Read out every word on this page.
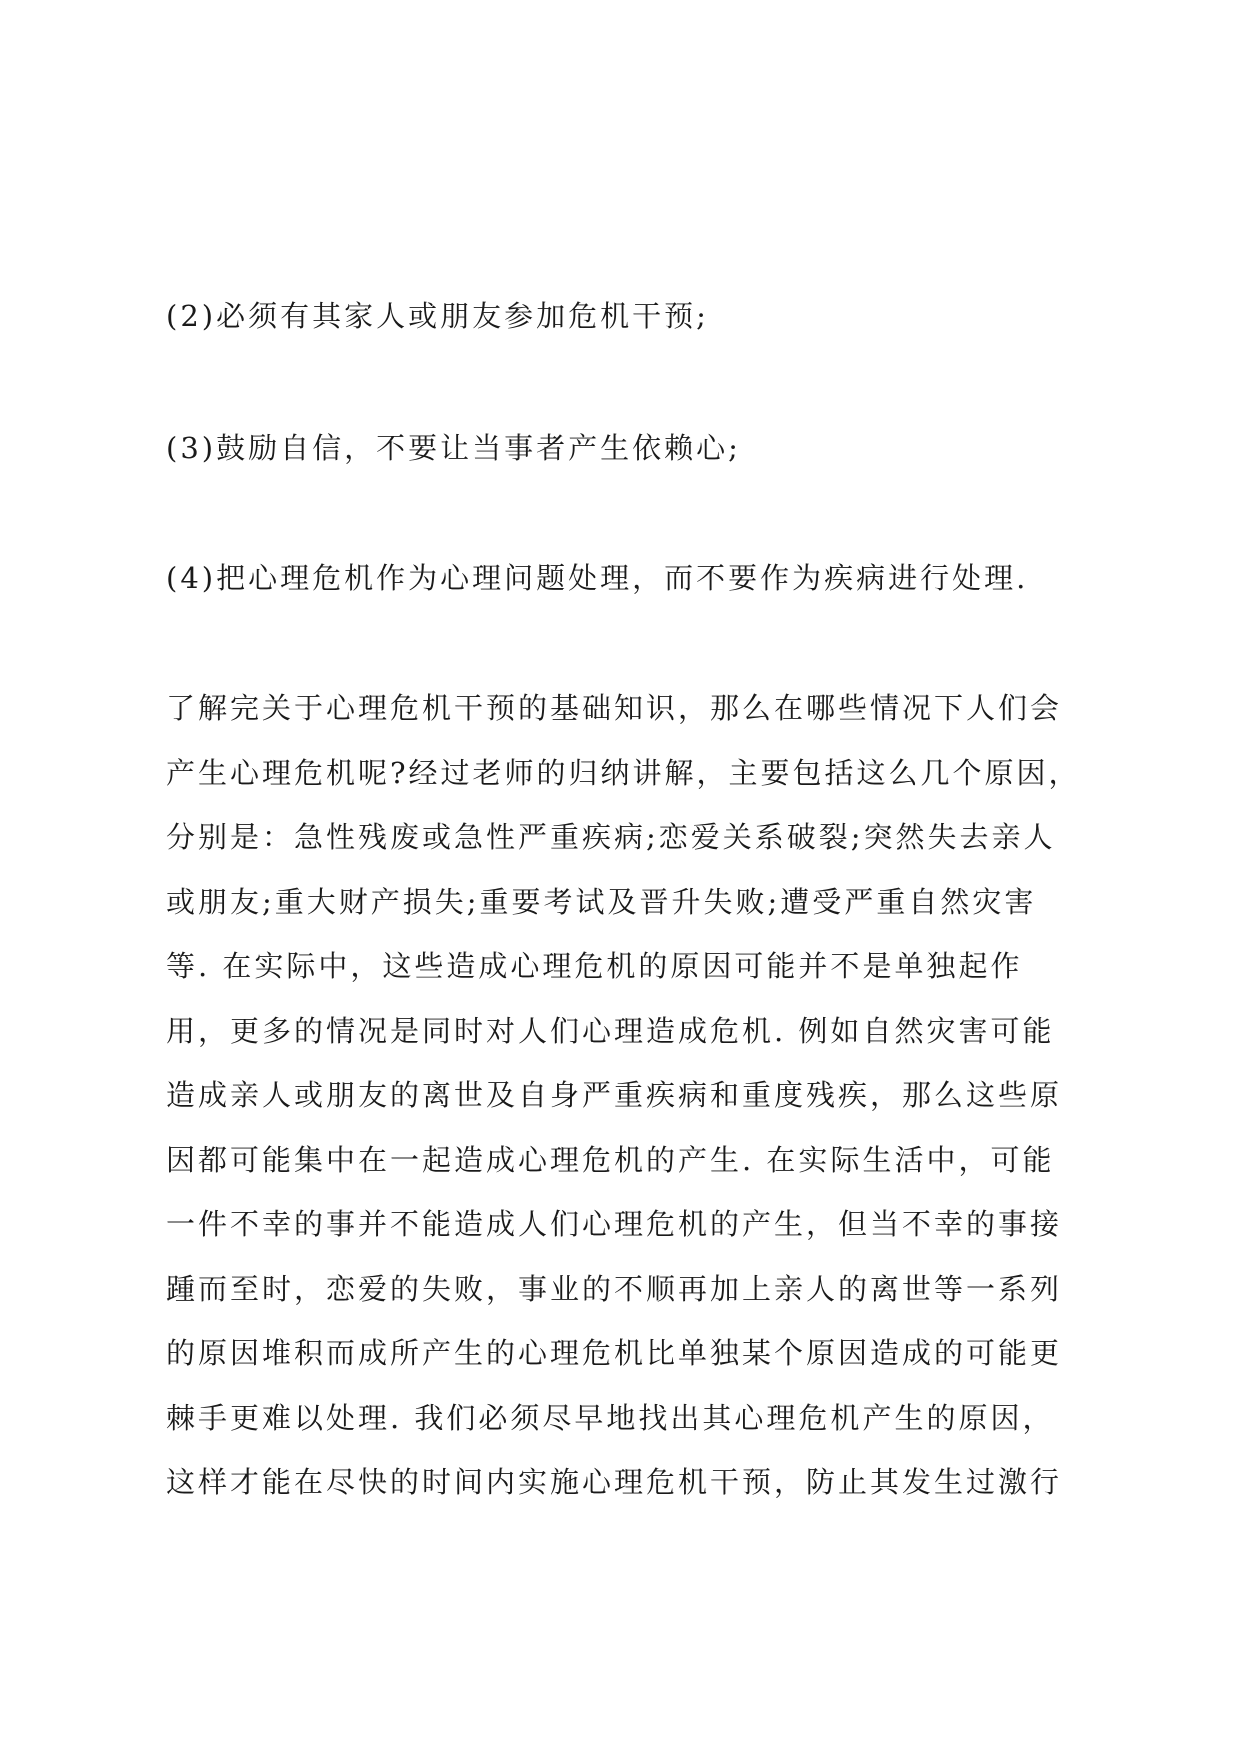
(2)必须有其家人或朋友参加危机干预;
(3)鼓励自信，不要让当事者产生依赖心;
(4)把心理危机作为心理问题处理，而不要作为疾病进行处理.
了解完关于心理危机干预的基础知识，那么在哪些情况下人们会
产生心理危机呢?经过老师的归纳讲解，主要包括这么几个原因，
分别是：急性残废或急性严重疾病;恋爱关系破裂;突然失去亲人
或朋友;重大财产损失;重要考试及晋升失败;遭受严重自然灾害
等. 在实际中，这些造成心理危机的原因可能并不是单独起作
用，更多的情况是同时对人们心理造成危机. 例如自然灾害可能
造成亲人或朋友的离世及自身严重疾病和重度残疾，那么这些原
因都可能集中在一起造成心理危机的产生. 在实际生活中，可能
一件不幸的事并不能造成人们心理危机的产生，但当不幸的事接
踵而至时，恋爱的失败，事业的不顺再加上亲人的离世等一系列
的原因堆积而成所产生的心理危机比单独某个原因造成的可能更
棘手更难以处理. 我们必须尽早地找出其心理危机产生的原因，
这样才能在尽快的时间内实施心理危机干预，防止其发生过激行
